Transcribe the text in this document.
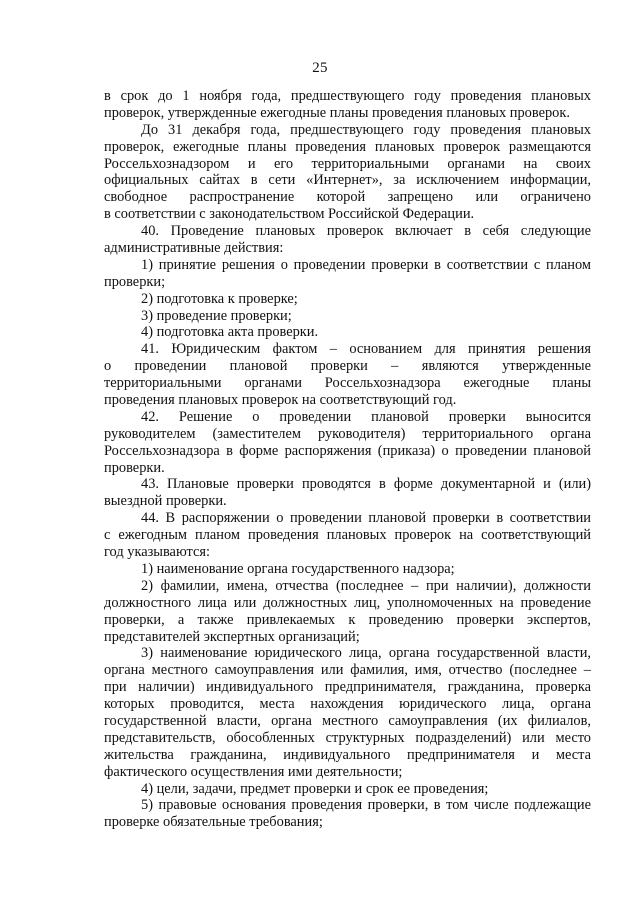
25
в срок до 1 ноября года, предшествующего году проведения плановых
проверок, утвержденные ежегодные планы проведения плановых проверок.
До 31 декабря года, предшествующего году проведения плановых
проверок, ежегодные планы проведения плановых проверок размещаются
Россельхознадзором и его территориальными органами на своих
официальных сайтах в сети «Интернет», за исключением информации,
свободное распространение которой запрещено или ограничено
в соответствии с законодательством Российской Федерации.
40. Проведение плановых проверок включает в себя следующие
административные действия:
1) принятие решения о проведении проверки в соответствии с планом
проверки;
2) подготовка к проверке;
3) проведение проверки;
4) подготовка акта проверки.
41. Юридическим фактом – основанием для принятия решения
о проведении плановой проверки – являются утвержденные
территориальными органами Россельхознадзора ежегодные планы
проведения плановых проверок на соответствующий год.
42. Решение о проведении плановой проверки выносится
руководителем (заместителем руководителя) территориального органа
Россельхознадзора в форме распоряжения (приказа) о проведении плановой
проверки.
43. Плановые проверки проводятся в форме документарной и (или)
выездной проверки.
44. В распоряжении о проведении плановой проверки в соответствии
с ежегодным планом проведения плановых проверок на соответствующий
год указываются:
1) наименование органа государственного надзора;
2) фамилии, имена, отчества (последнее – при наличии), должности
должностного лица или должностных лиц, уполномоченных на проведение
проверки, а также привлекаемых к проведению проверки экспертов,
представителей экспертных организаций;
3) наименование юридического лица, органа государственной власти,
органа местного самоуправления или фамилия, имя, отчество (последнее –
при наличии) индивидуального предпринимателя, гражданина, проверка
которых проводится, места нахождения юридического лица, органа
государственной власти, органа местного самоуправления (их филиалов,
представительств, обособленных структурных подразделений) или место
жительства гражданина, индивидуального предпринимателя и места
фактического осуществления ими деятельности;
4) цели, задачи, предмет проверки и срок ее проведения;
5) правовые основания проведения проверки, в том числе подлежащие
проверке обязательные требования;
